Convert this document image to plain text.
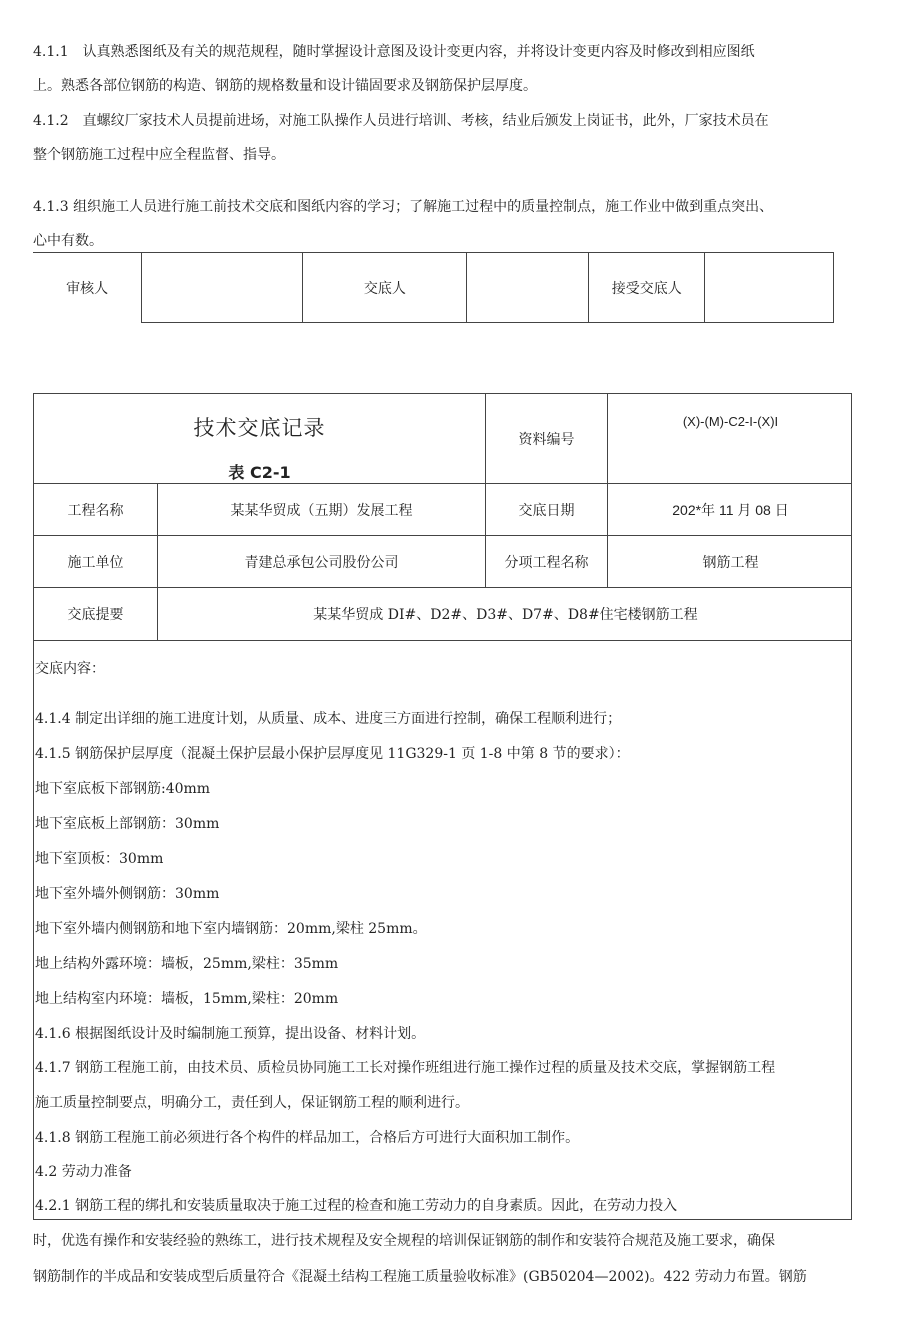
4.1.1　认真熟悉图纸及有关的规范规程，随时掌握设计意图及设计变更内容，并将设计变更内容及时修改到相应图纸

上。熟悉各部位钢筋的构造、钢筋的规格数量和设计锚固要求及钢筋保护层厚度。

4.1.2　直螺纹厂家技术人员提前进场，对施工队操作人员进行培训、考核，结业后颁发上岗证书，此外，厂家技术员在

整个钢筋施工过程中应全程监督、指导。

4.1.3 组织施工人员进行施工前技术交底和图纸内容的学习；了解施工过程中的质量控制点，施工作业中做到重点突出、

心中有数。

审核人		交底人		接受交底人	
技术交底记录
表 C2-1
资料编号
(X)-(M)-C2-I-(X)I
工程名称	某某华贸成（五期）发展工程	交底日期	202*年 11 月 08 日
施工单位	青建总承包公司股份公司	分项工程名称	钢筋工程
交底提要	某某华贸成 DI#、D2#、D3#、D7#、D8#住宅楼钢筋工程
交底内容：
4.1.4 制定出详细的施工进度计划，从质量、成本、进度三方面进行控制，确保工程顺利进行；
4.1.5 钢筋保护层厚度（混凝土保护层最小保护层厚度见 11G329-1 页 1-8 中第 8 节的要求）：
地下室底板下部钢筋:40mm
地下室底板上部钢筋：30mm
地下室顶板：30mm
地下室外墙外侧钢筋：30mm
地下室外墙内侧钢筋和地下室内墙钢筋：20mm,梁柱 25mm。
地上结构外露环境：墙板，25mm,梁柱：35mm
地上结构室内环境：墙板，15mm,梁柱：20mm
4.1.6 根据图纸设计及时编制施工预算，提出设备、材料计划。
4.1.7 钢筋工程施工前，由技术员、质检员协同施工工长对操作班组进行施工操作过程的质量及技术交底，掌握钢筋工程
施工质量控制要点，明确分工，责任到人，保证钢筋工程的顺利进行。
4.1.8 钢筋工程施工前必须进行各个构件的样品加工，合格后方可进行大面积加工制作。
4.2 劳动力准备
4.2.1 钢筋工程的绑扎和安装质量取决于施工过程的检查和施工劳动力的自身素质。因此，在劳动力投入

时，优选有操作和安装经验的熟练工，进行技术规程及安全规程的培训保证钢筋的制作和安装符合规范及施工要求，确保

钢筋制作的半成品和安装成型后质量符合《混凝土结构工程施工质量验收标准》(GB50204—2002)。422 劳动力布置。钢筋
